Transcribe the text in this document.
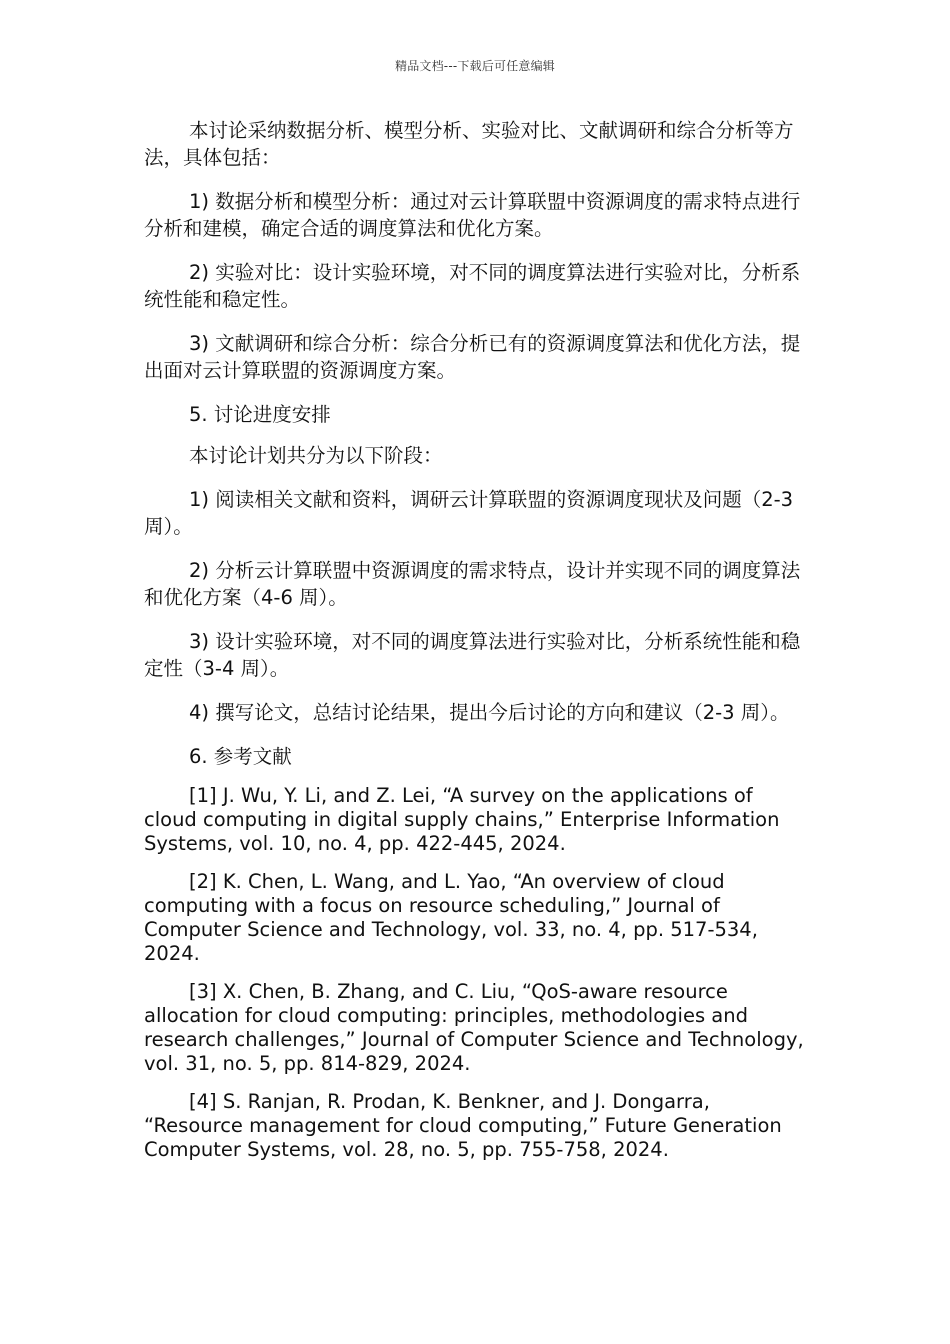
精品文档---下载后可任意编辑

本讨论采纳数据分析、模型分析、实验对比、文献调研和综合分析等方法，具体包括：

1) 数据分析和模型分析：通过对云计算联盟中资源调度的需求特点进行分析和建模，确定合适的调度算法和优化方案。

2) 实验对比：设计实验环境，对不同的调度算法进行实验对比，分析系统性能和稳定性。

3) 文献调研和综合分析：综合分析已有的资源调度算法和优化方法，提出面对云计算联盟的资源调度方案。

5. 讨论进度安排

本讨论计划共分为以下阶段：

1) 阅读相关文献和资料，调研云计算联盟的资源调度现状及问题（2-3 周）。

2) 分析云计算联盟中资源调度的需求特点，设计并实现不同的调度算法和优化方案（4-6 周）。

3) 设计实验环境，对不同的调度算法进行实验对比，分析系统性能和稳定性（3-4 周）。

4) 撰写论文，总结讨论结果，提出今后讨论的方向和建议（2-3 周）。

6. 参考文献

[1] J. Wu, Y. Li, and Z. Lei, “A survey on the applications of cloud computing in digital supply chains,” Enterprise Information Systems, vol. 10, no. 4, pp. 422-445, 2024.

[2] K. Chen, L. Wang, and L. Yao, “An overview of cloud computing with a focus on resource scheduling,” Journal of Computer Science and Technology, vol. 33, no. 4, pp. 517-534, 2024.

[3] X. Chen, B. Zhang, and C. Liu, “QoS-aware resource allocation for cloud computing: principles, methodologies and research challenges,” Journal of Computer Science and Technology, vol. 31, no. 5, pp. 814-829, 2024.

[4] S. Ranjan, R. Prodan, K. Benkner, and J. Dongarra, “Resource management for cloud computing,” Future Generation Computer Systems, vol. 28, no. 5, pp. 755-758, 2024.
